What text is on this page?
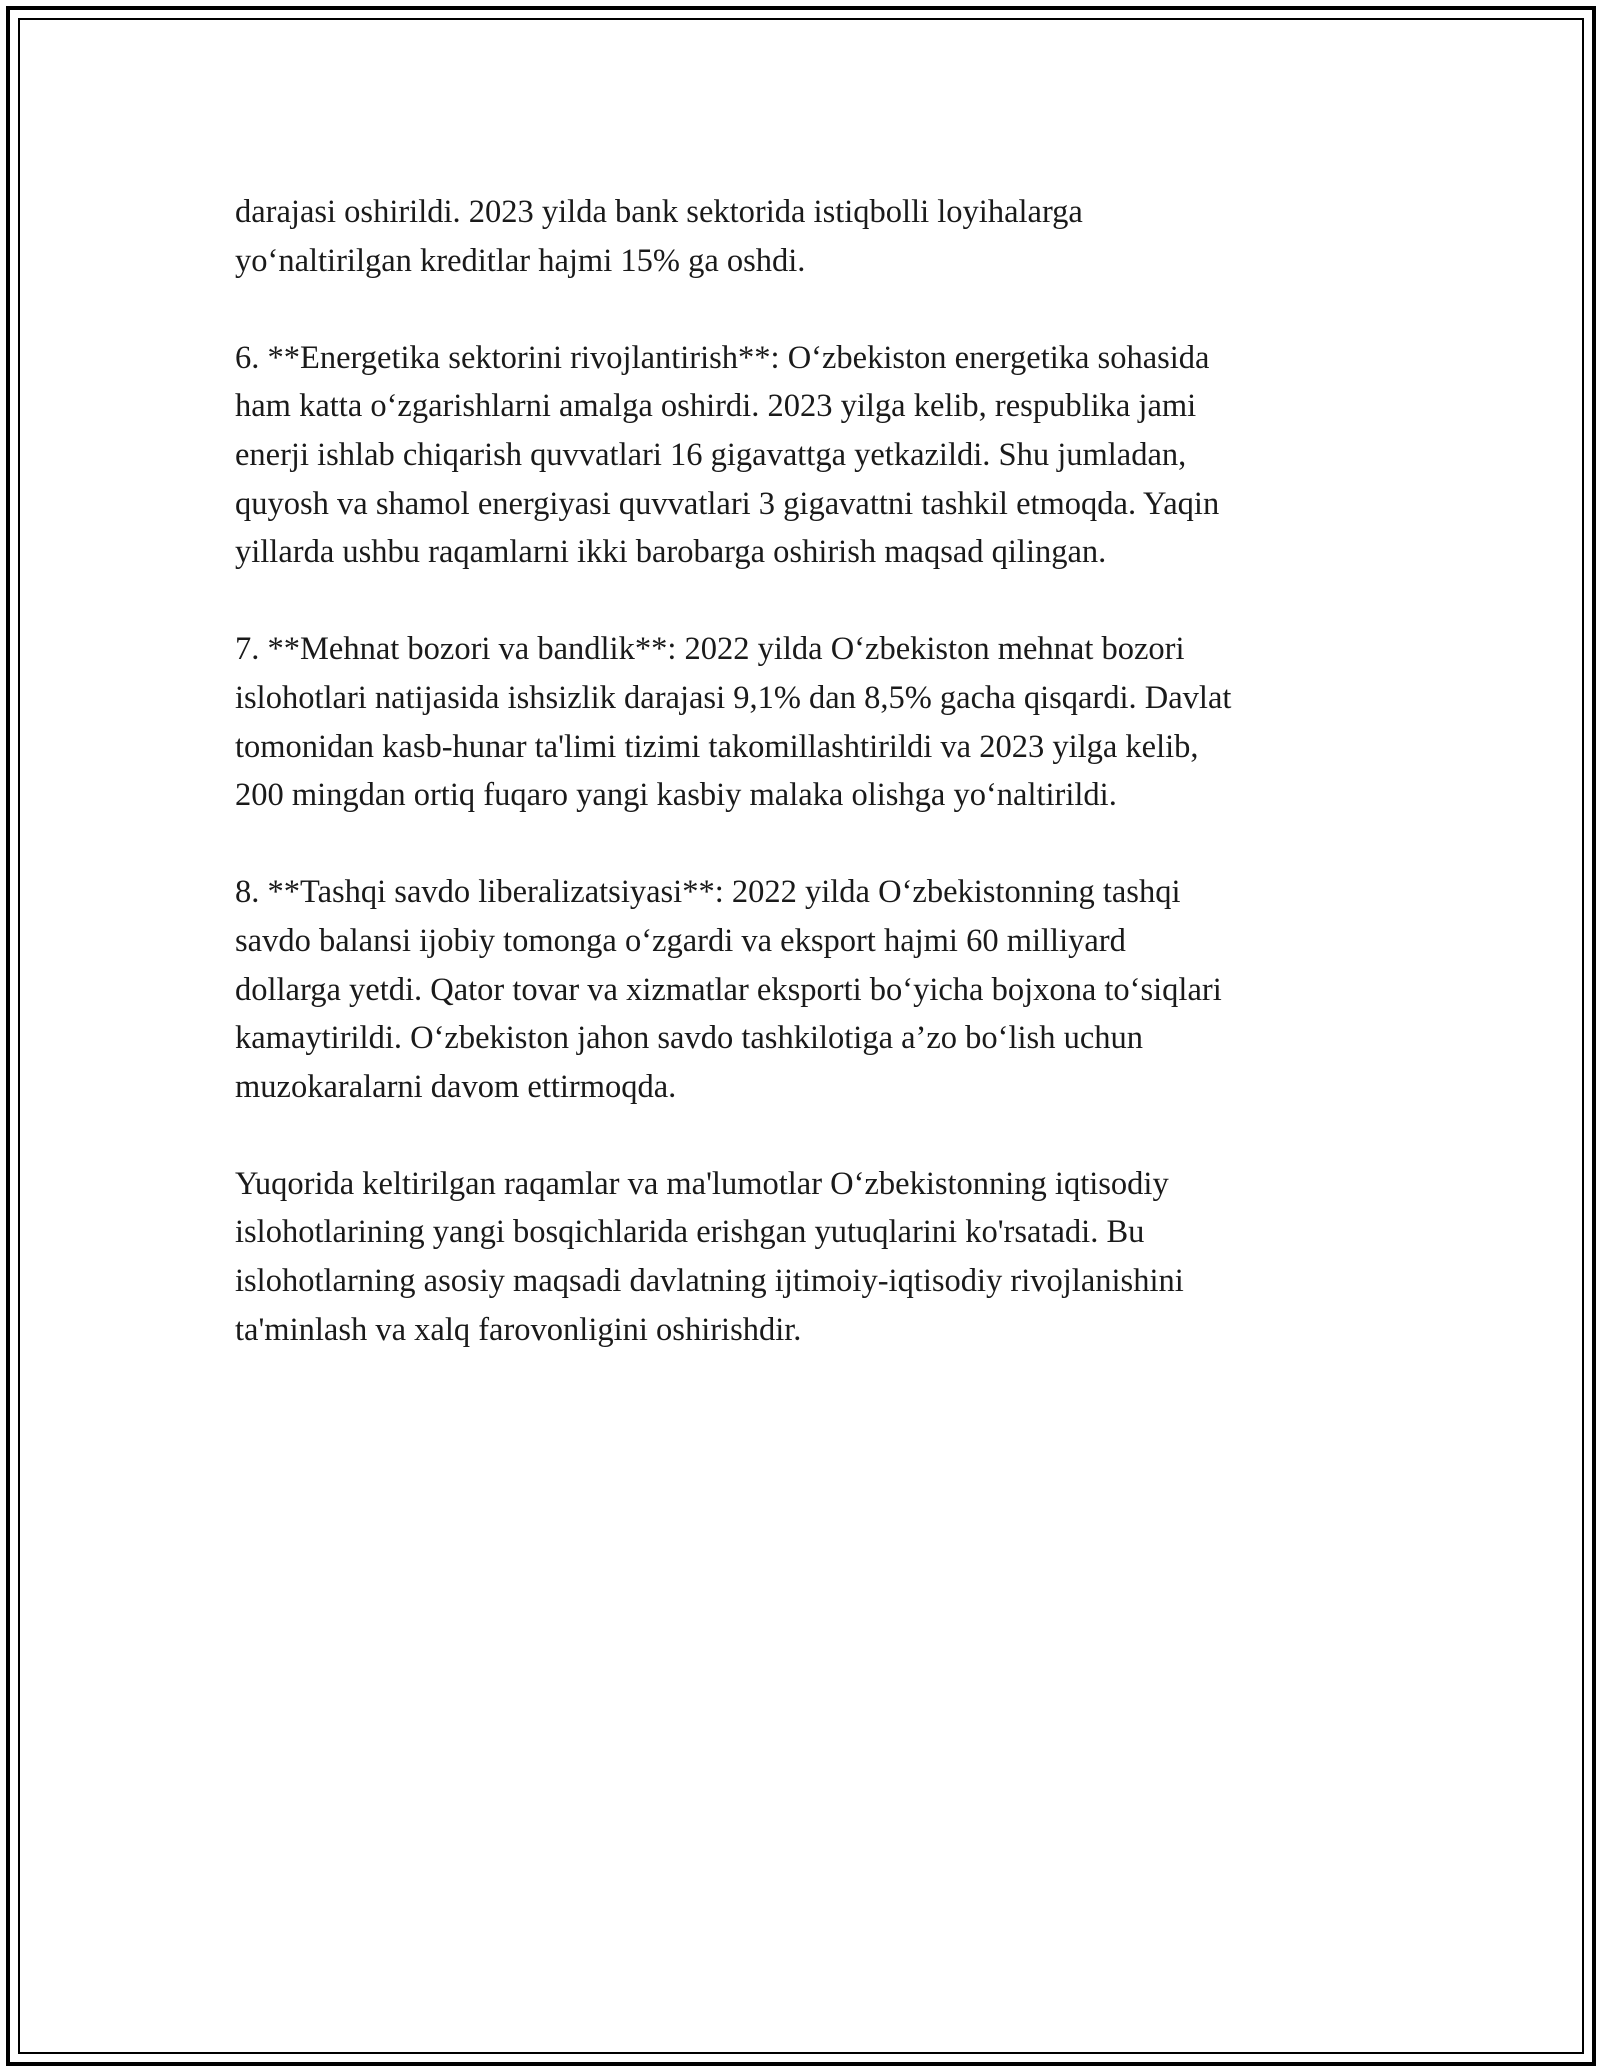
darajasi oshirildi. 2023 yilda bank sektorida istiqbolli loyihalarga
yo‘naltirilgan kreditlar hajmi 15% ga oshdi.
6. **Energetika sektorini rivojlantirish**: O‘zbekiston energetika sohasida
ham katta o‘zgarishlarni amalga oshirdi. 2023 yilga kelib, respublika jami
enerji ishlab chiqarish quvvatlari 16 gigavattga yetkazildi. Shu jumladan,
quyosh va shamol energiyasi quvvatlari 3 gigavattni tashkil etmoqda. Yaqin
yillarda ushbu raqamlarni ikki barobarga oshirish maqsad qilingan.
7. **Mehnat bozori va bandlik**: 2022 yilda O‘zbekiston mehnat bozori
islohotlari natijasida ishsizlik darajasi 9,1% dan 8,5% gacha qisqardi. Davlat
tomonidan kasb-hunar ta'limi tizimi takomillashtirildi va 2023 yilga kelib,
200 mingdan ortiq fuqaro yangi kasbiy malaka olishga yo‘naltirildi.
8. **Tashqi savdo liberalizatsiyasi**: 2022 yilda O‘zbekistonning tashqi
savdo balansi ijobiy tomonga o‘zgardi va eksport hajmi 60 milliyard
dollarga yetdi. Qator tovar va xizmatlar eksporti bo‘yicha bojxona to‘siqlari
kamaytirildi. O‘zbekiston jahon savdo tashkilotiga a’zo bo‘lish uchun
muzokaralarni davom ettirmoqda.
Yuqorida keltirilgan raqamlar va ma'lumotlar O‘zbekistonning iqtisodiy
islohotlarining yangi bosqichlarida erishgan yutuqlarini ko'rsatadi. Bu
islohotlarning asosiy maqsadi davlatning ijtimoiy-iqtisodiy rivojlanishini
ta'minlash va xalq farovonligini oshirishdir.
